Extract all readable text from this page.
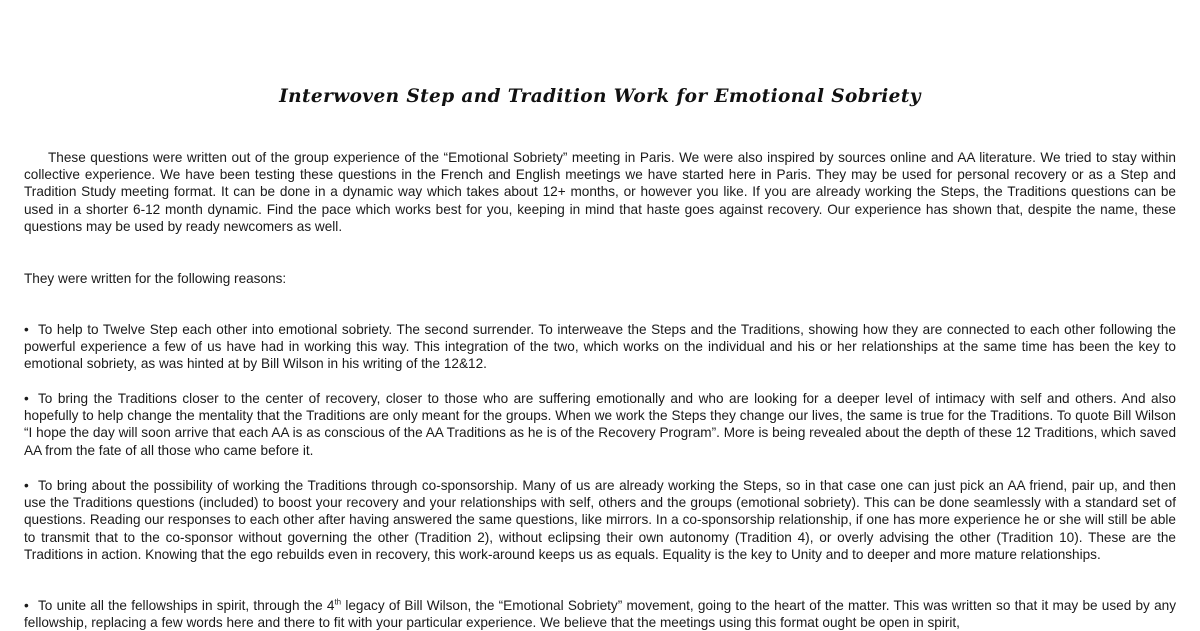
Interwoven Step and Tradition Work for Emotional Sobriety

These questions were written out of the group experience of the “Emotional Sobriety” meeting in Paris. We were also inspired by sources online and AA literature. We tried to stay within collective experience. We have been testing these questions in the French and English meetings we have started here in Paris. They may be used for personal recovery or as a Step and Tradition Study meeting format. It can be done in a dynamic way which takes about 12+ months, or however you like. If you are already working the Steps, the Traditions questions can be used in a shorter 6-12 month dynamic. Find the pace which works best for you, keeping in mind that haste goes against recovery. Our experience has shown that, despite the name, these questions may be used by ready newcomers as well.

They were written for the following reasons:

• To help to Twelve Step each other into emotional sobriety. The second surrender. To interweave the Steps and the Traditions, showing how they are connected to each other following the powerful experience a few of us have had in working this way. This integration of the two, which works on the individual and his or her relationships at the same time has been the key to emotional sobriety, as was hinted at by Bill Wilson in his writing of the 12&12.

• To bring the Traditions closer to the center of recovery, closer to those who are suffering emotionally and who are looking for a deeper level of intimacy with self and others. And also hopefully to help change the mentality that the Traditions are only meant for the groups. When we work the Steps they change our lives, the same is true for the Traditions. To quote Bill Wilson “I hope the day will soon arrive that each AA is as conscious of the AA Traditions as he is of the Recovery Program”. More is being revealed about the depth of these 12 Traditions, which saved AA from the fate of all those who came before it.

• To bring about the possibility of working the Traditions through co-sponsorship. Many of us are already working the Steps, so in that case one can just pick an AA friend, pair up, and then use the Traditions questions (included) to boost your recovery and your relationships with self, others and the groups (emotional sobriety). This can be done seamlessly with a standard set of questions. Reading our responses to each other after having answered the same questions, like mirrors. In a co-sponsorship relationship, if one has more experience he or she will still be able to transmit that to the co-sponsor without governing the other (Tradition 2), without eclipsing their own autonomy (Tradition 4), or overly advising the other (Tradition 10). These are the Traditions in action. Knowing that the ego rebuilds even in recovery, this work-around keeps us as equals. Equality is the key to Unity and to deeper and more mature relationships.

• To unite all the fellowships in spirit, through the 4th legacy of Bill Wilson, the “Emotional Sobriety” movement, going to the heart of the matter. This was written so that it may be used by any fellowship, replacing a few words here and there to fit with your particular experience. We believe that the meetings using this format ought be open in spirit,
